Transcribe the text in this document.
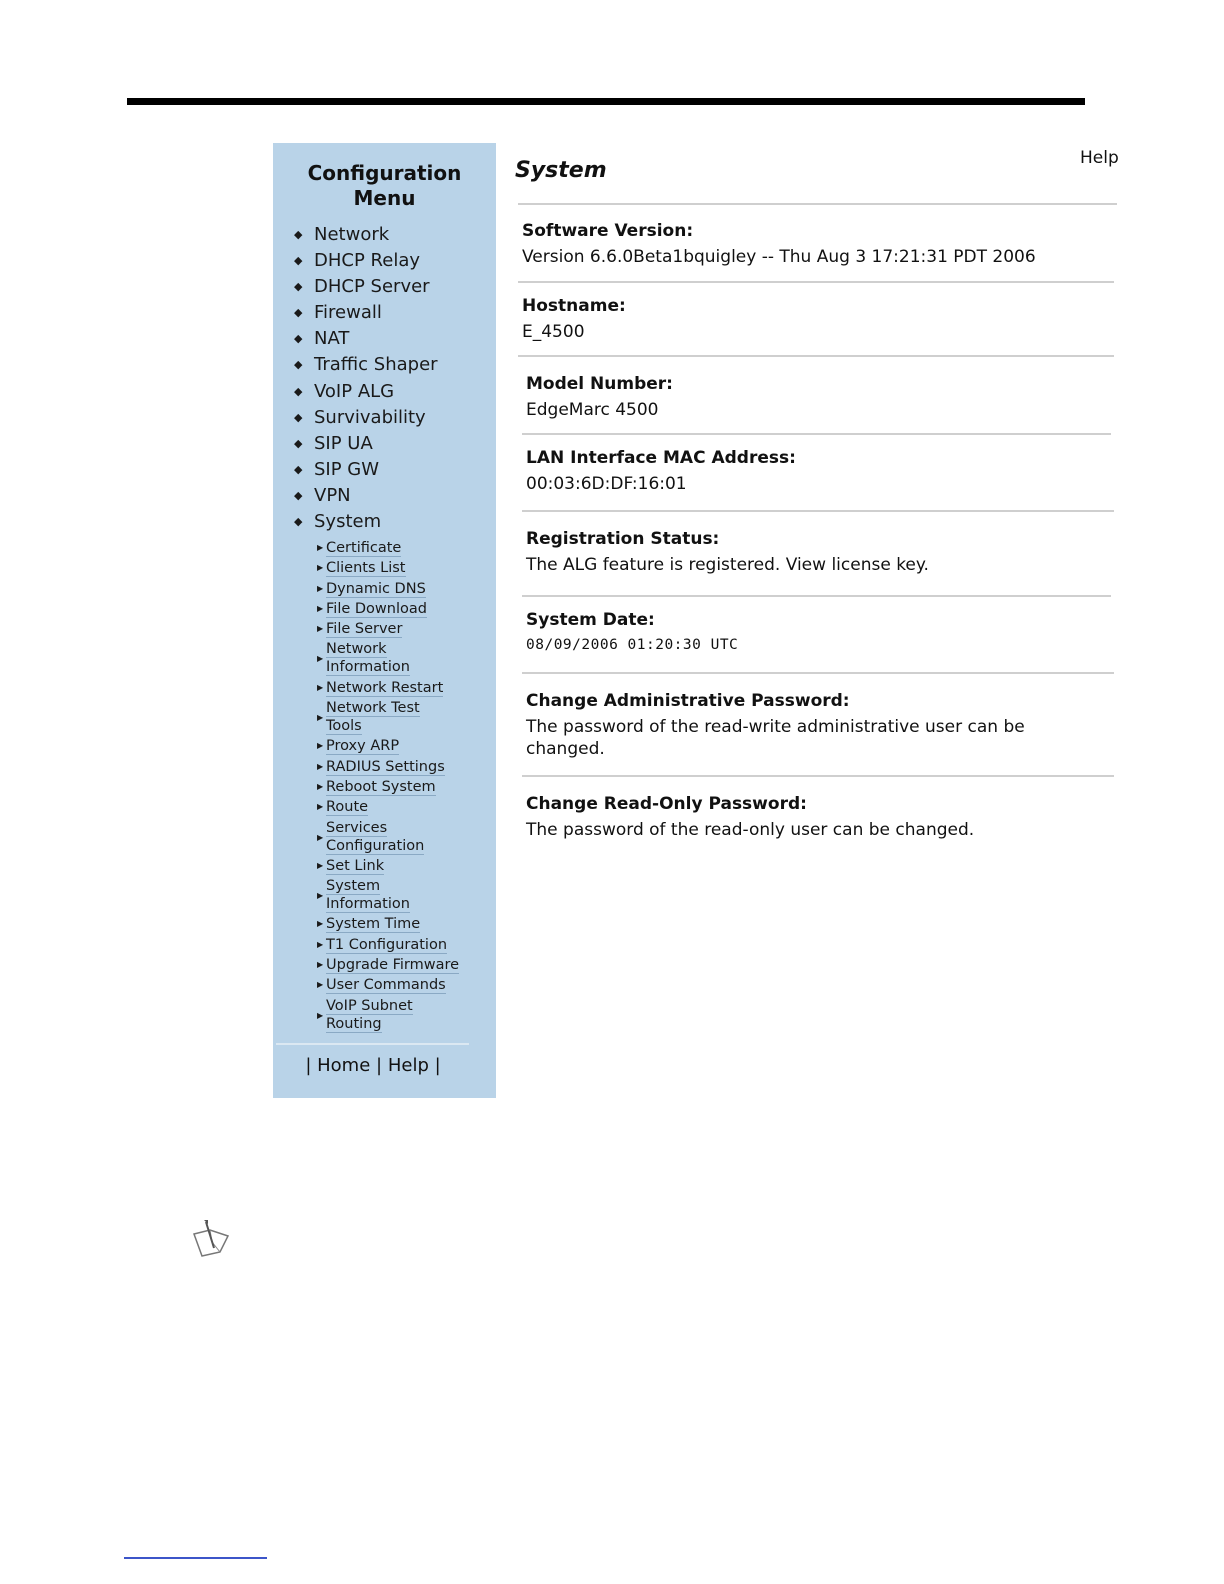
Configuration
Menu
◆ Network
◆ DHCP Relay
◆ DHCP Server
◆ Firewall
◆ NAT
◆ Traffic Shaper
◆ VoIP ALG
◆ Survivability
◆ SIP UA
◆ SIP GW
◆ VPN
◆ System
▶ Certificate
▶ Clients List
▶ Dynamic DNS
▶ File Download
▶ File Server
▶
Network
Information
▶ Network Restart
▶
Network Test
Tools
▶ Proxy ARP
▶ RADIUS Settings
▶ Reboot System
▶ Route
▶
Services
Configuration
▶ Set Link
▶
System
Information
▶ System Time
▶ T1 Configuration
▶ Upgrade Firmware
▶ User Commands
▶
VoIP Subnet
Routing
| Home | Help |
System	Help
Software Version:
Version 6.6.0Beta1bquigley -- Thu Aug 3 17:21:31 PDT 2006
Hostname:
E_4500
Model Number:
EdgeMarc 4500
LAN Interface MAC Address:
00:03:6D:DF:16:01
Registration Status:
The ALG feature is registered. View license key.
System Date:
08/09/2006 01:20:30 UTC
Change Administrative Password:
The password of the read-write administrative user can be
changed.
Change Read-Only Password:
The password of the read-only user can be changed.
